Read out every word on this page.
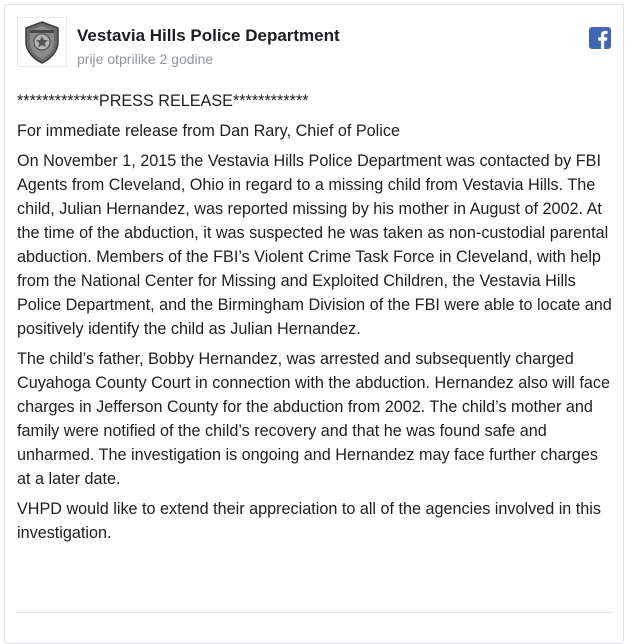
Vestavia Hills Police Department
prije otprilike 2 godine

*************PRESS RELEASE************

For immediate release from Dan Rary, Chief of Police

On November 1, 2015 the Vestavia Hills Police Department was contacted by FBI Agents from Cleveland, Ohio in regard to a missing child from Vestavia Hills. The child, Julian Hernandez, was reported missing by his mother in August of 2002. At the time of the abduction, it was suspected he was taken as non-custodial parental abduction. Members of the FBI’s Violent Crime Task Force in Cleveland, with help from the National Center for Missing and Exploited Children, the Vestavia Hills Police Department, and the Birmingham Division of the FBI were able to locate and positively identify the child as Julian Hernandez.

The child’s father, Bobby Hernandez, was arrested and subsequently charged Cuyahoga County Court in connection with the abduction. Hernandez also will face charges in Jefferson County for the abduction from 2002. The child’s mother and family were notified of the child’s recovery and that he was found safe and unharmed. The investigation is ongoing and Hernandez may face further charges at a later date.

VHPD would like to extend their appreciation to all of the agencies involved in this investigation.
